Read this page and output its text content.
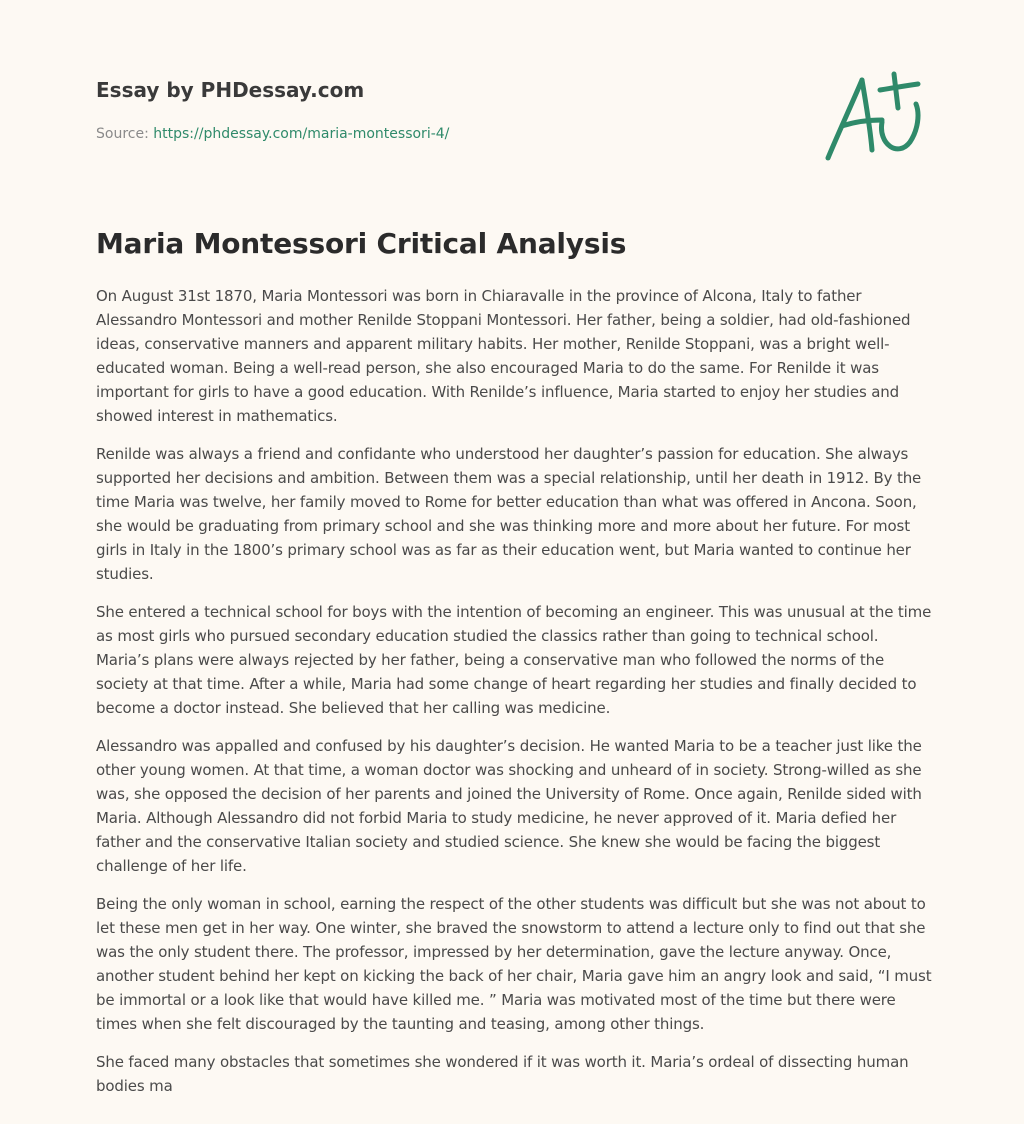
Essay by PHDessay.com
Source: https://phdessay.com/maria-montessori-4/
Maria Montessori Critical Analysis

On August 31st 1870, Maria Montessori was born in Chiaravalle in the province of Alcona, Italy to father Alessandro Montessori and mother Renilde Stoppani Montessori. Her father, being a soldier, had old-fashioned ideas, conservative manners and apparent military habits. Her mother, Renilde Stoppani, was a bright well-educated woman. Being a well-read person, she also encouraged Maria to do the same. For Renilde it was important for girls to have a good education. With Renilde’s influence, Maria started to enjoy her studies and showed interest in mathematics.

Renilde was always a friend and confidante who understood her daughter’s passion for education. She always supported her decisions and ambition. Between them was a special relationship, until her death in 1912. By the time Maria was twelve, her family moved to Rome for better education than what was offered in Ancona. Soon, she would be graduating from primary school and she was thinking more and more about her future. For most girls in Italy in the 1800’s primary school was as far as their education went, but Maria wanted to continue her studies.

She entered a technical school for boys with the intention of becoming an engineer. This was unusual at the time as most girls who pursued secondary education studied the classics rather than going to technical school. Maria’s plans were always rejected by her father, being a conservative man who followed the norms of the society at that time. After a while, Maria had some change of heart regarding her studies and finally decided to become a doctor instead. She believed that her calling was medicine.

Alessandro was appalled and confused by his daughter’s decision. He wanted Maria to be a teacher just like the other young women. At that time, a woman doctor was shocking and unheard of in society. Strong-willed as she was, she opposed the decision of her parents and joined the University of Rome. Once again, Renilde sided with Maria. Although Alessandro did not forbid Maria to study medicine, he never approved of it. Maria defied her father and the conservative Italian society and studied science. She knew she would be facing the biggest challenge of her life.

Being the only woman in school, earning the respect of the other students was difficult but she was not about to let these men get in her way. One winter, she braved the snowstorm to attend a lecture only to find out that she was the only student there. The professor, impressed by her determination, gave the lecture anyway. Once, another student behind her kept on kicking the back of her chair, Maria gave him an angry look and said, “I must be immortal or a look like that would have killed me. ” Maria was motivated most of the time but there were times when she felt discouraged by the taunting and teasing, among other things.

She faced many obstacles that sometimes she wondered if it was worth it. Maria’s ordeal of dissecting human bodies ma
